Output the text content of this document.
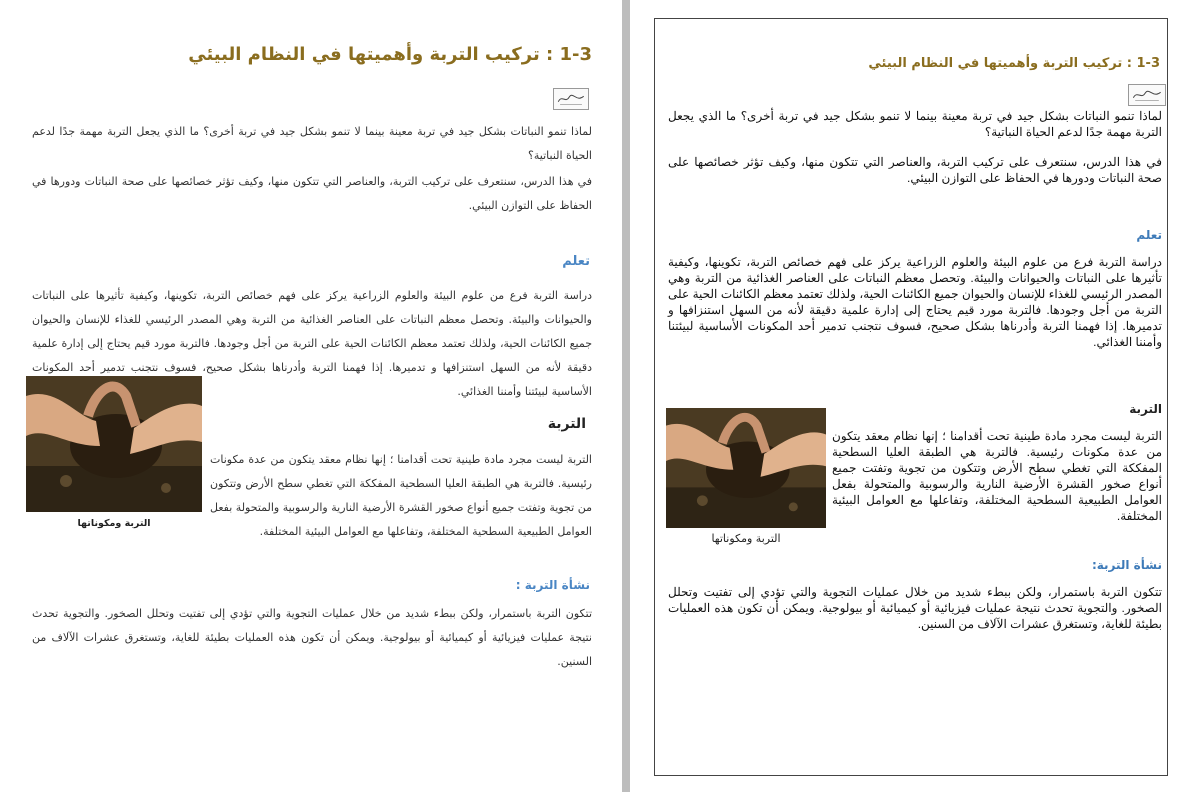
1-3 : تركيب التربة وأهميتها في النظام البيئي
لماذا تنمو النباتات بشكل جيد في تربة معينة بينما لا تنمو بشكل جيد في تربة أخرى؟ ما الذي يجعل التربة مهمة جدًا لدعم الحياة النباتية؟
في هذا الدرس، سنتعرف على تركيب التربة، والعناصر التي تتكون منها، وكيف تؤثر خصائصها على صحة النباتات ودورها في الحفاظ على التوازن البيئي.
تعلم
دراسة التربة فرع من علوم البيئة والعلوم الزراعية يركز على فهم خصائص التربة، تكوينها، وكيفية تأثيرها على النباتات والحيوانات والبيئة. وتحصل معظم النباتات على العناصر الغذائية من التربة وهي المصدر الرئيسي للغذاء للإنسان والحيوان جميع الكائنات الحية، ولذلك تعتمد معظم الكائنات الحية على التربة من أجل وجودها. فالتربة مورد قيم يحتاج إلى إدارة علمية دقيقة لأنه من السهل استنزافها و تدميرها. إذا فهمنا التربة وأدرناها بشكل صحيح، فسوف نتجنب تدمير أحد المكونات الأساسية لبيئتنا وأمننا الغذائي.
التربة ومكوناتها
التربة
التربة ليست مجرد مادة طينية تحت أقدامنا ؛ إنها نظام معقد يتكون من عدة مكونات رئيسية. فالتربة هي الطبقة العليا السطحية المفككة التي تغطي سطح الأرض وتتكون من تجوية وتفتت جميع أنواع صخور القشرة الأرضية النارية والرسوبية والمتحولة بفعل العوامل الطبيعية السطحية المختلفة، وتفاعلها مع العوامل البيئية المختلفة.
نشأة التربة :
تتكون التربة باستمرار، ولكن ببطء شديد من خلال عمليات التجوية والتي تؤدي إلى تفتيت وتحلل الصخور. والتجوية تحدث نتيجة عمليات فيزيائية أو كيميائية أو بيولوجية. ويمكن أن تكون هذه العمليات بطيئة للغاية، وتستغرق عشرات الآلاف من السنين.
1-3 : تركيب التربة وأهميتها في النظام البيئي
لماذا تنمو النباتات بشكل جيد في تربة معينة بينما لا تنمو بشكل جيد في تربة أخرى؟ ما الذي يجعل التربة مهمة جدًا لدعم الحياة النباتية؟
في هذا الدرس، سنتعرف على تركيب التربة، والعناصر التي تتكون منها، وكيف تؤثر خصائصها على صحة النباتات ودورها في الحفاظ على التوازن البيئي.
تعلم
دراسة التربة فرع من علوم البيئة والعلوم الزراعية يركز على فهم خصائص التربة، تكوينها، وكيفية تأثيرها على النباتات والحيوانات والبيئة. وتحصل معظم النباتات على العناصر الغذائية من التربة وهي المصدر الرئيسي للغذاء للإنسان والحيوان جميع الكائنات الحية، ولذلك تعتمد معظم الكائنات الحية على التربة من أجل وجودها. فالتربة مورد قيم يحتاج إلى إدارة علمية دقيقة لأنه من السهل استنزافها و تدميرها. إذا فهمنا التربة وأدرناها بشكل صحيح، فسوف نتجنب تدمير أحد المكونات الأساسية لبيئتنا وأمننا الغذائي.
التربة
التربة ومكوناتها
التربة ليست مجرد مادة طينية تحت أقدامنا ؛ إنها نظام معقد يتكون من عدة مكونات رئيسية. فالتربة هي الطبقة العليا السطحية المفككة التي تغطي سطح الأرض وتتكون من تجوية وتفتت جميع أنواع صخور القشرة الأرضية النارية والرسوبية والمتحولة بفعل العوامل الطبيعية السطحية المختلفة، وتفاعلها مع العوامل البيئية المختلفة.
نشأة التربة:
تتكون التربة باستمرار، ولكن ببطء شديد من خلال عمليات التجوية والتي تؤدي إلى تفتيت وتحلل الصخور. والتجوية تحدث نتيجة عمليات فيزيائية أو كيميائية أو بيولوجية. ويمكن أن تكون هذه العمليات بطيئة للغاية، وتستغرق عشرات الآلاف من السنين.
